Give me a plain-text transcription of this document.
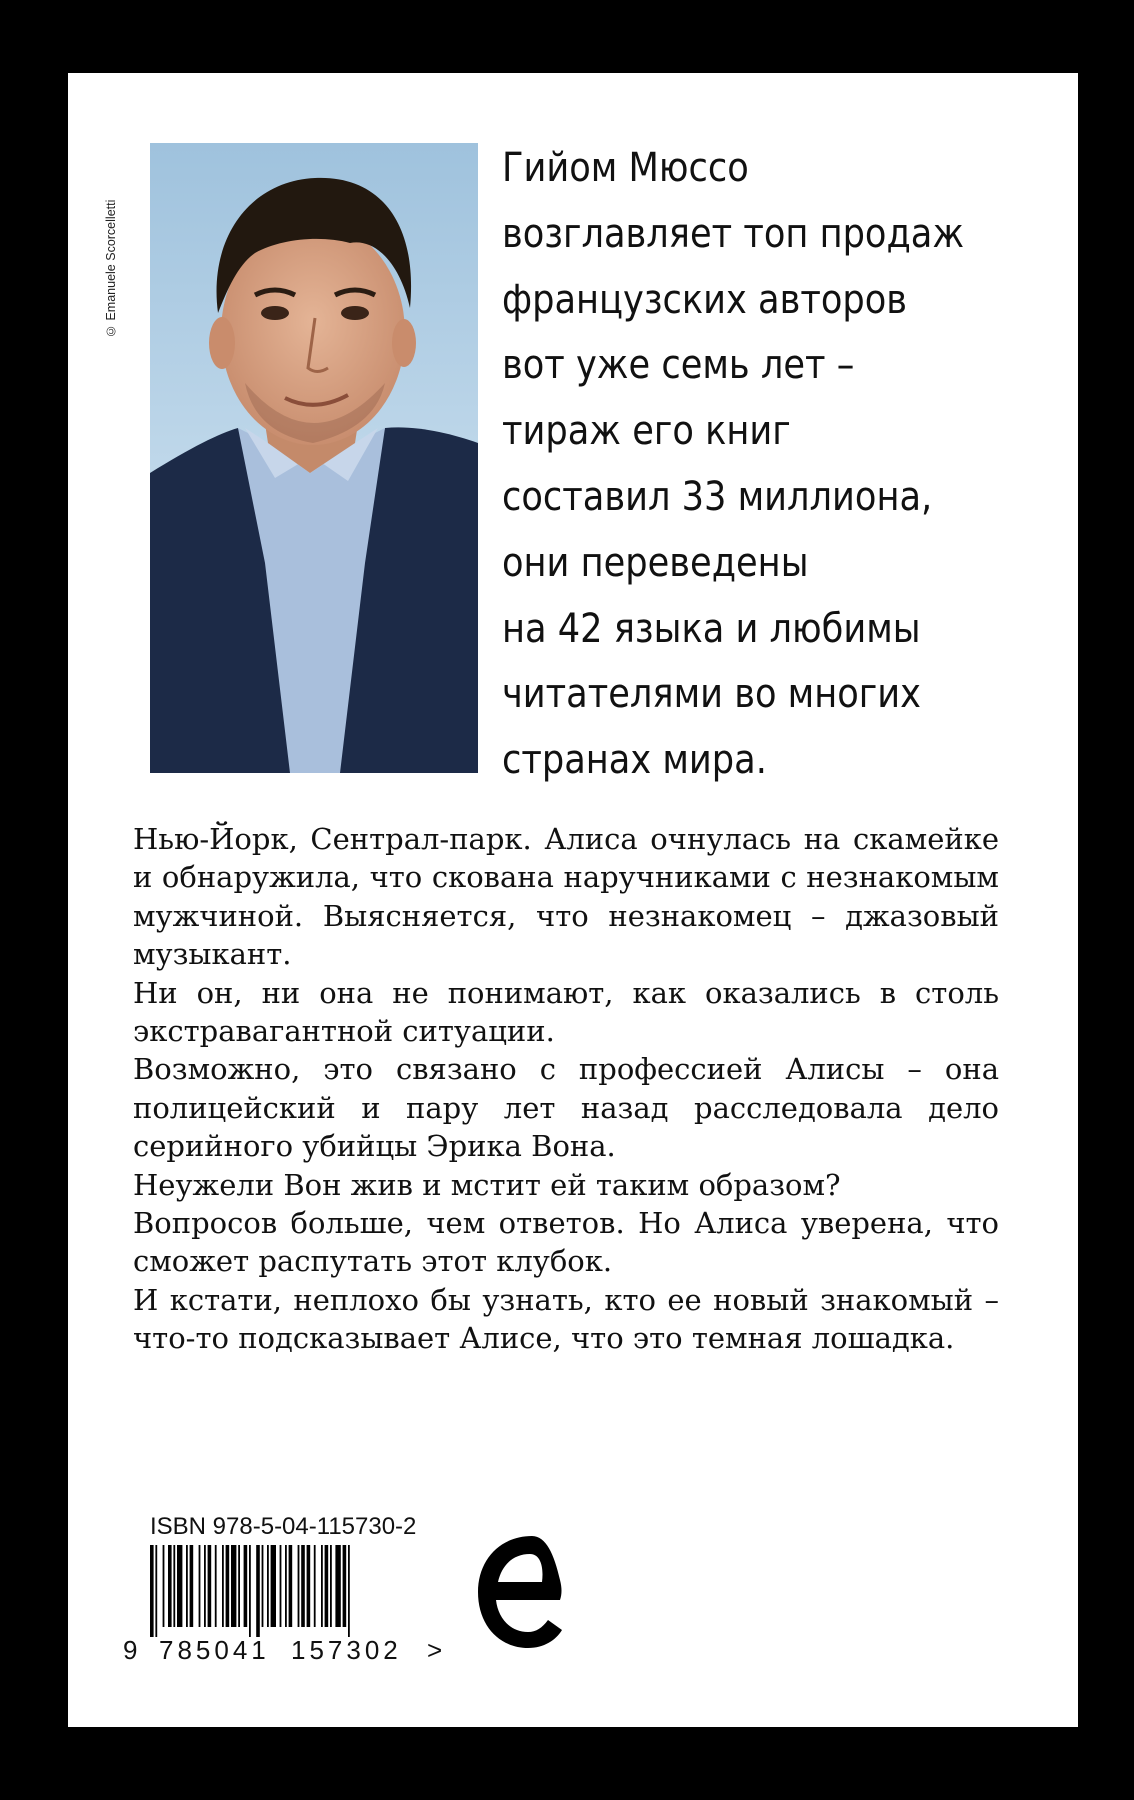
© Emanuele Scorcelletti
Гийом Мюссо
возглавляет топ продаж
французских авторов
вот уже семь лет –
тираж его книг
составил 33 миллиона,
они переведены
на 42 языка и любимы
читателями во многих
странах мира.
Нью-Йорк, Сентрал-парк. Алиса очнулась на скамейке и обнаружила, что скована наручниками с незнакомым мужчиной. Выясняется, что незнакомец – джазовый музыкант.
Ни он, ни она не понимают, как оказались в столь экстравагантной ситуации.
Возможно, это связано с профессией Алисы – она полицейский и пару лет назад расследовала дело серийного убийцы Эрика Вона.
Неужели Вон жив и мстит ей таким образом?
Вопросов больше, чем ответов. Но Алиса уверена, что сможет распутать этот клубок.
И кстати, неплохо бы узнать, кто ее новый знакомый – что-то подсказывает Алисе, что это темная лошадка.
ISBN 978-5-04-115730-2
9 785041 157302 >
